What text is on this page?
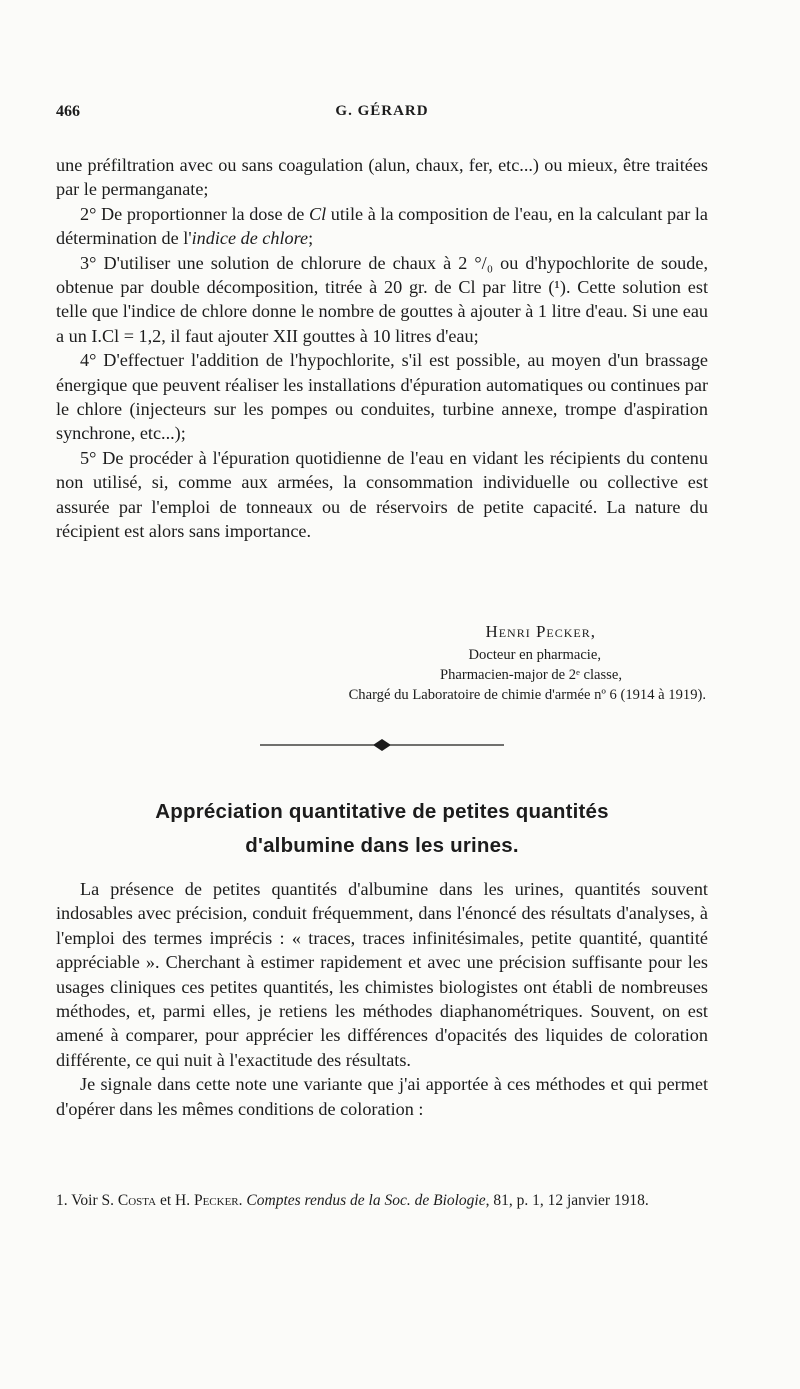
466	G. GÉRARD

une préfiltration avec ou sans coagulation (alun, chaux, fer, etc...) ou mieux, être traitées par le permanganate;

2° De proportionner la dose de Cl utile à la composition de l'eau, en la calculant par la détermination de l'indice de chlore;

3° D'utiliser une solution de chlorure de chaux à 2 °/₀ ou d'hypochlorite de soude, obtenue par double décomposition, titrée à 20 gr. de Cl par litre (¹). Cette solution est telle que l'indice de chlore donne le nombre de gouttes à ajouter à 1 litre d'eau. Si une eau a un I.Cl = 1,2, il faut ajouter XII gouttes à 10 litres d'eau;

4° D'effectuer l'addition de l'hypochlorite, s'il est possible, au moyen d'un brassage énergique que peuvent réaliser les installations d'épuration automatiques ou continues par le chlore (injecteurs sur les pompes ou conduites, turbine annexe, trompe d'aspiration synchrone, etc...);

5° De procéder à l'épuration quotidienne de l'eau en vidant les récipients du contenu non utilisé, si, comme aux armées, la consommation individuelle ou collective est assurée par l'emploi de tonneaux ou de réservoirs de petite capacité. La nature du récipient est alors sans importance.

Henri Pecker,
Docteur en pharmacie,
Pharmacien-major de 2ᵉ classe,
Chargé du Laboratoire de chimie d'armée nº 6 (1914 à 1919).
Appréciation quantitative de petites quantités
d'albumine dans les urines.

La présence de petites quantités d'albumine dans les urines, quantités souvent indosables avec précision, conduit fréquemment, dans l'énoncé des résultats d'analyses, à l'emploi des termes imprécis : « traces, traces infinitésimales, petite quantité, quantité appréciable ». Cherchant à estimer rapidement et avec une précision suffisante pour les usages cliniques ces petites quantités, les chimistes biologistes ont établi de nombreuses méthodes, et, parmi elles, je retiens les méthodes diaphanométriques. Souvent, on est amené à comparer, pour apprécier les différences d'opacités des liquides de coloration différente, ce qui nuit à l'exactitude des résultats.

Je signale dans cette note une variante que j'ai apportée à ces méthodes et qui permet d'opérer dans les mêmes conditions de coloration :

1. Voir S. Costa et H. Pecker. Comptes rendus de la Soc. de Biologie, 81, p. 1, 12 janvier 1918.
